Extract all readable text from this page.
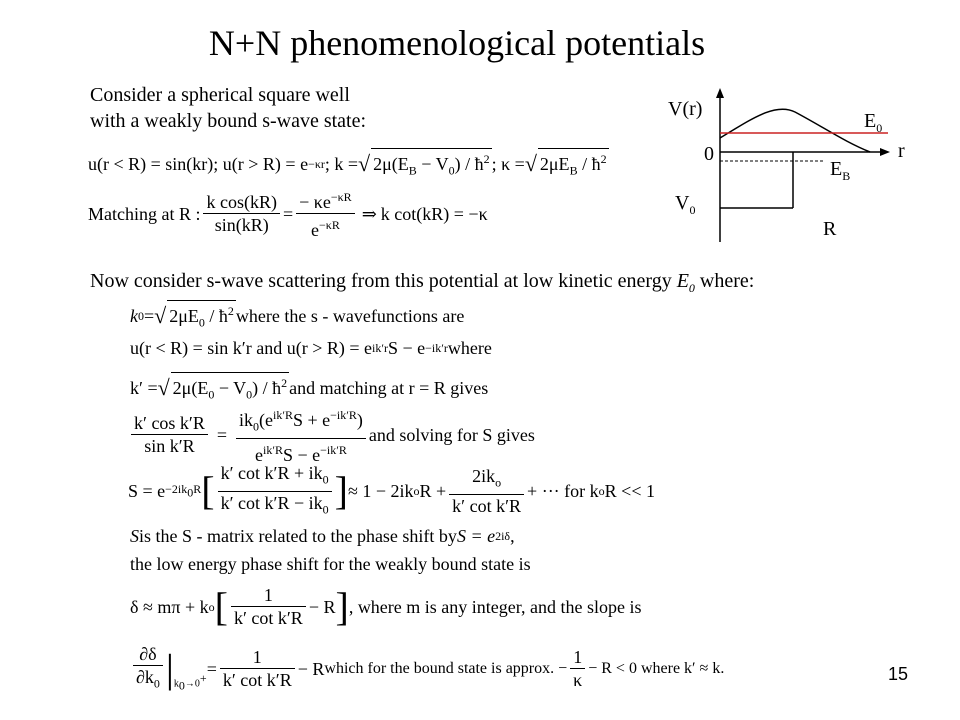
N+N phenomenological potentials
Consider a spherical square well
with a weakly bound s-wave state:
u(r < R) = sin(kr);
u(r > R) = e −κr ; k = √ $2\mu(E_B - V_0)$ / $ħ^2$ ; κ = √ $2\mu E_B$ / $ħ^2$
Matching at R : $\frac{\text{k cos(kR)}}{\sin(kR)} = \frac{- \kappa e^{-\kappa R}}{e^{-\kappa R}}$ ⇒ k cot(kR) = −κ
V(r)
r
0
$E_0$
$E_B$
$V_0$
R
Now consider s-wave scattering from this potential at low kinetic energy $E_0$ where:
k 0 = √ $2\mu E_0$ / $ħ^2$ where the s - wavefunctions are
u(r < R) = sin k′r and u(r > R) = e ik′r S − e −ik′r where
k′ = √ $2\mu(E_0 - V_0)$ / $ħ^2$ and matching at r = R gives
$\frac{\text{k′ cos k′R}}{\text{sin k′R}} = \frac{ik_0(e^{ik'R}S + e^{-ik'R})}{e^{ik'R}S - e^{-ik'R}}$ and solving for S gives
$S = e -2ik_0R$ [ $\frac{k' \cot k'R + ik_0}{k' \cot k'R - ik_0}$ ] ≈ 1 − 2ik o $R + \frac{2ik_o}{\text{k′ cot k′R}}$ + ··· for k o R << 1
S is the S - matrix related to the phase shift by S = e 2iδ ,
the low energy phase shift for the weakly bound state is
δ ≈ mπ + k o [ $\frac{1}{\text{k′ cot k′R}} - R$ ] , where m is any integer, and the slope is
$\frac{\partial\delta}{\partial k_0}$ | $_{k_0\to 0^+} = \frac{1}{\text{k′ cot k′R}} - R$ which for the bound state is approx. − $\frac{1}{\kappa} - R < 0$ where k′ ≈ k.	15
